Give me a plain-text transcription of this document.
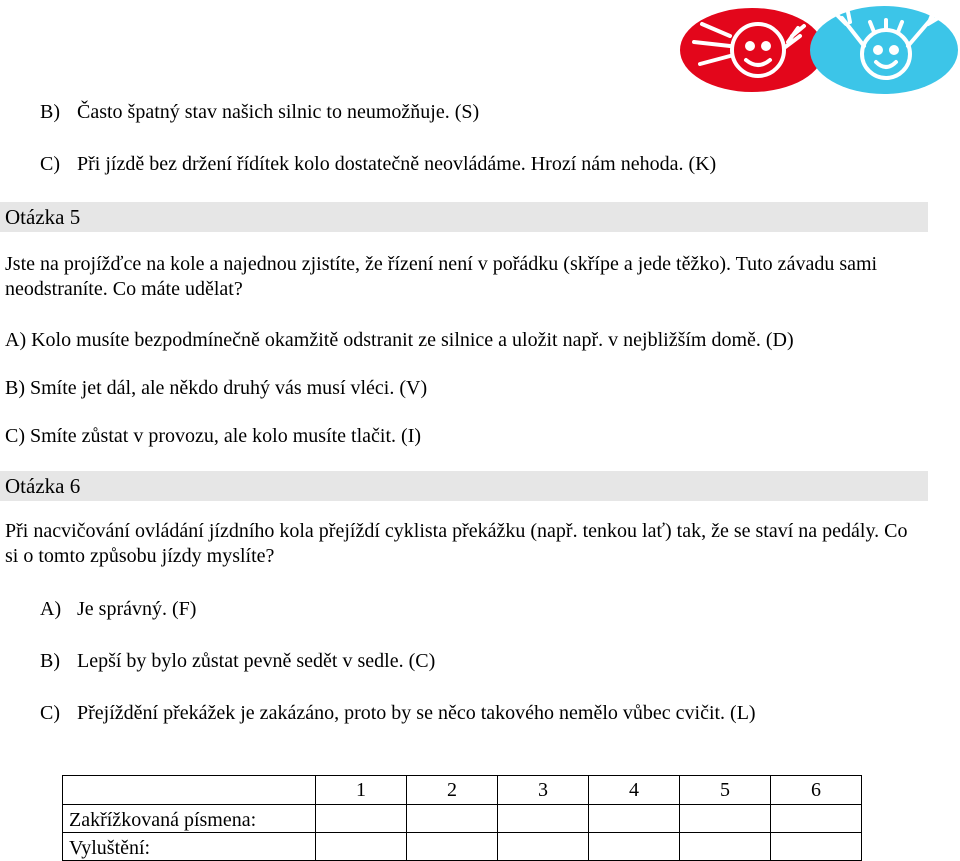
B) Často špatný stav našich silnic to neumožňuje. (S)
C) Při jízdě bez držení řídítek kolo dostatečně neovládáme. Hrozí nám nehoda. (K)
Otázka 5
Jste na projížďce na kole a najednou zjistíte, že řízení není v pořádku (skřípe a jede těžko). Tuto závadu sami neodstraníte. Co máte udělat?
A) Kolo musíte bezpodmínečně okamžitě odstranit ze silnice a uložit např. v nejbližším domě. (D)
B) Smíte jet dál, ale někdo druhý vás musí vléci. (V)
C) Smíte zůstat v provozu, ale kolo musíte tlačit. (I)
Otázka 6
Při nacvičování ovládání jízdního kola přejíždí cyklista překážku (např. tenkou lať) tak, že se staví na pedály. Co si o tomto způsobu jízdy myslíte?
A) Je správný. (F)
B) Lepší by bylo zůstat pevně sedět v sedle. (C)
C) Přejíždění překážek je zakázáno, proto by se něco takového nemělo vůbec cvičit. (L)
	1	2	3	4	5	6
Zakřížkovaná písmena:						
Vyluštění:						
